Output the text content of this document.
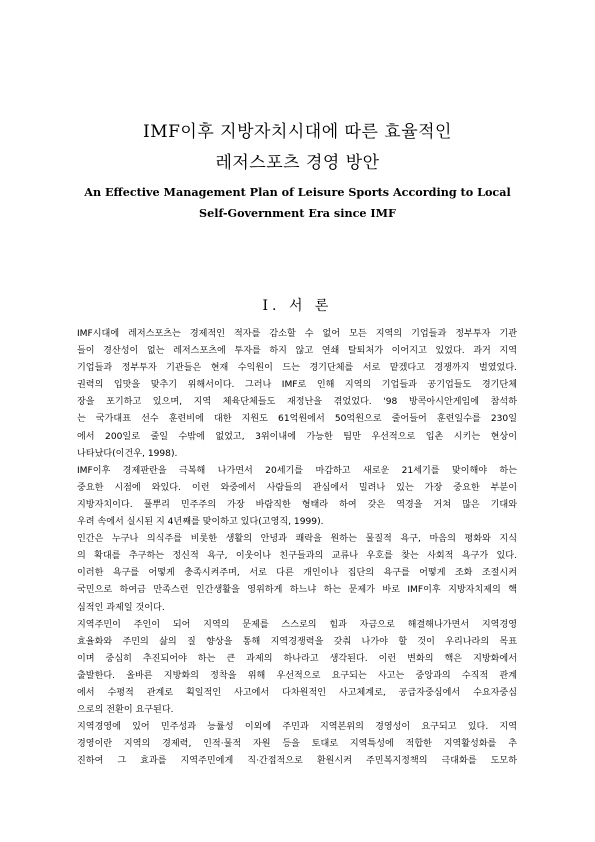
IMF이후 지방자치시대에 따른 효율적인
레저스포츠 경영 방안
An Effective Management Plan of Leisure Sports According to Local
Self-Government Era since IMF
Ⅰ. 서 론
IMF시대에 레저스포츠는 경제적인 적자를 감소할 수 없어 모든 지역의 기업들과 정부투자 기관
들이 경산성이 없는 레저스포츠에 투자를 하지 않고 연쇄 탈퇴처가 이어지고 있었다. 과거 지역
기업들과 정부투자 기관들은 현재 수익원이 드는 경기단체를 서로 맡겠다고 경쟁까지 벌였었다.
권력의 입맛을 맞추기 위해서이다. 그러나 IMF로 인해 지역의 기업들과 공기업들도 경기단체
장을 포기하고 있으며, 지역 체육단체들도 재정난을 겪었었다. '98 방콕아시안게임에 참석하
는 국가대표 선수 훈련비에 대한 지원도 61억원에서 50억원으로 줄어들어 훈련일수를 230일
에서 200일로 줄일 수밖에 없었고, 3위이내에 가능한 팀만 우선적으로 입촌 시키는 현상이
나타났다(이건우, 1998).
IMF이후 경제판란을 극복해 나가면서 20세기를 마감하고 새로운 21세기를 맞이해야 하는
중요한 시점에 와있다. 이런 와중에서 사람들의 관심에서 밀려나 있는 가장 중요한 부분이
지방자치이다. 풀뿌리 민주주의 가장 바람직한 형태라 하여 갖은 역경을 거쳐 많은 기대와
우려 속에서 실시된 지 4년째를 맞이하고 있다(고영직, 1999).
인간은 누구나 의식주를 비롯한 생활의 안녕과 쾌락을 원하는 물질적 욕구, 마음의 평화와 지식
의 확대를 추구하는 정신적 욕구, 이웃이나 친구들과의 교류나 우호를 찾는 사회적 욕구가 있다.
이러한 욕구를 어떻게 충족시켜주며, 서로 다른 개인이나 집단의 욕구를 어떻게 조화 조절시켜
국민으로 하여금 만족스런 인간생활을 영위하게 하느냐 하는 문제가 바로 IMF이후 지방자치제의 핵
심적인 과제일 것이다.
지역주민이 주인이 되어 지역의 문제를 스스로의 힘과 자금으로 해결해나가면서 지역경영
효율화와 주민의 삶의 질 향상을 통해 지역경쟁력을 갖춰 나가야 할 것이 우리나라의 목표
이며 중심히 추진되어야 하는 큰 과제의 하나라고 생각된다. 이런 변화의 핵은 지방화에서
출발한다. 올바른 지방화의 정착을 위해 우선적으로 요구되는 사고는 중앙과의 수직적 관계
에서 수평적 관계로 획일적인 사고에서 다차원적인 사고체계로, 공급자중심에서 수요자중심
으로의 전환이 요구된다.
지역경영에 있어 민주성과 능률성 이외에 주민과 지역본위의 경영성이 요구되고 있다. 지역
경영이란 지역의 경제력, 인적·물적 자원 등을 토대로 지역특성에 적합한 지역활성화를 추
진하여 그 효과를 지역주민에게 직·간접적으로 환원시켜 주민복지정책의 극대화를 도모하
